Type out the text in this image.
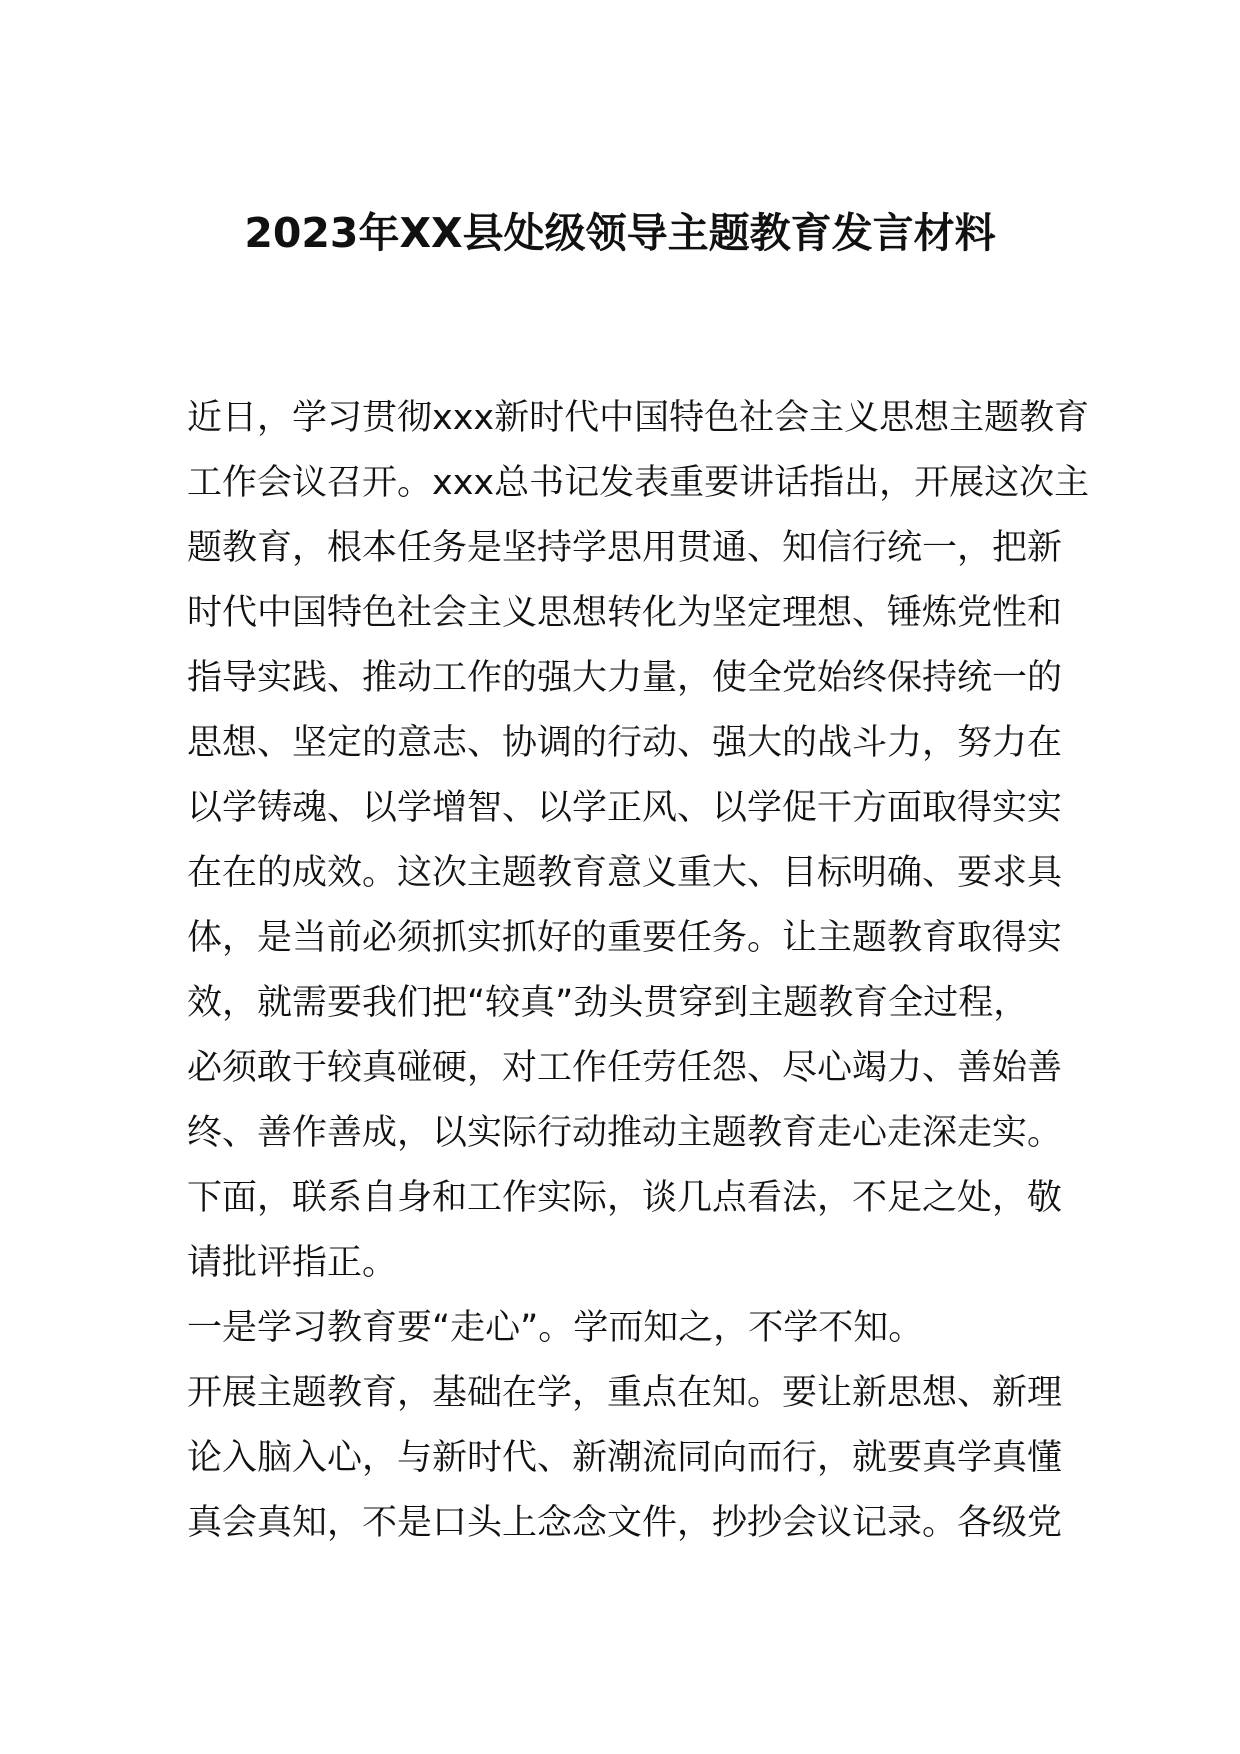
2023年XX县处级领导主题教育发言材料
近日，学习贯彻xxx新时代中国特色社会主义思想主题教育
工作会议召开。xxx总书记发表重要讲话指出，开展这次主
题教育，根本任务是坚持学思用贯通、知信行统一，把新
时代中国特色社会主义思想转化为坚定理想、锤炼党性和
指导实践、推动工作的强大力量，使全党始终保持统一的
思想、坚定的意志、协调的行动、强大的战斗力，努力在
以学铸魂、以学增智、以学正风、以学促干方面取得实实
在在的成效。这次主题教育意义重大、目标明确、要求具
体，是当前必须抓实抓好的重要任务。让主题教育取得实
效，就需要我们把“较真”劲头贯穿到主题教育全过程，
必须敢于较真碰硬，对工作任劳任怨、尽心竭力、善始善
终、善作善成，以实际行动推动主题教育走心走深走实。
下面，联系自身和工作实际，谈几点看法，不足之处，敬
请批评指正。
一是学习教育要“走心”。学而知之，不学不知。
开展主题教育，基础在学，重点在知。要让新思想、新理
论入脑入心，与新时代、新潮流同向而行，就要真学真懂
真会真知，不是口头上念念文件，抄抄会议记录。各级党
